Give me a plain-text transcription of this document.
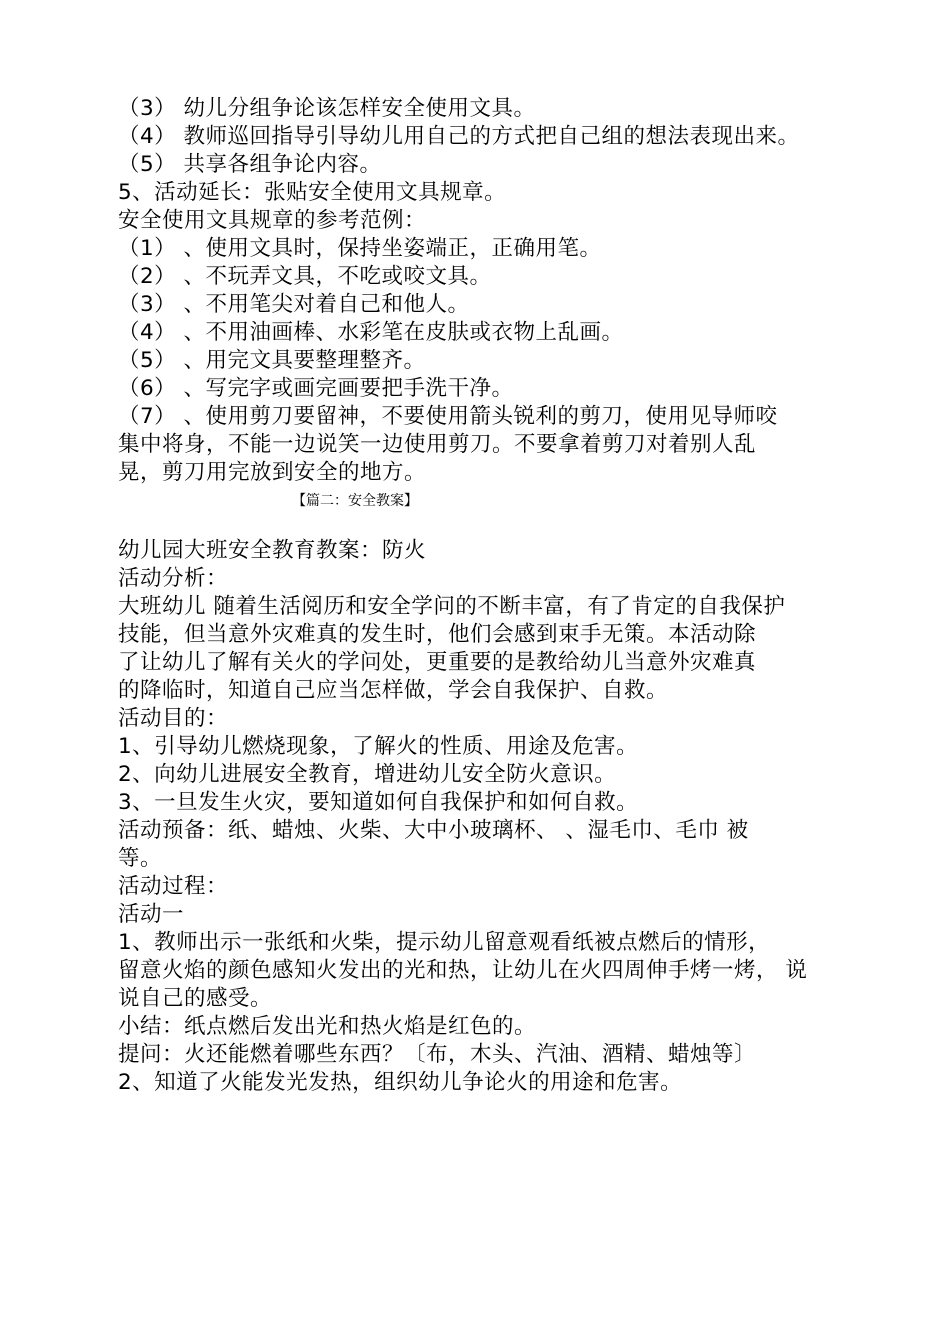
（3） 幼儿分组争论该怎样安全使用文具。
（4） 教师巡回指导引导幼儿用自己的方式把自己组的想法表现出来。
（5） 共享各组争论内容。
5、活动延长：张贴安全使用文具规章。
安全使用文具规章的参考范例：
（1） 、使用文具时，保持坐姿端正，正确用笔。
（2） 、不玩弄文具，不吃或咬文具。
（3） 、不用笔尖对着自己和他人。
（4） 、不用油画棒、水彩笔在皮肤或衣物上乱画。
（5） 、用完文具要整理整齐。
（6） 、写完字或画完画要把手洗干净。
（7） 、使用剪刀要留神，不要使用箭头锐利的剪刀，使用见导师咬
集中将身，不能一边说笑一边使用剪刀。不要拿着剪刀对着别人乱
晃，剪刀用完放到安全的地方。
【篇二：安全教案】
幼儿园大班安全教育教案：防火
活动分析：
大班幼儿 随着生活阅历和安全学问的不断丰富，有了肯定的自我保护
技能，但当意外灾难真的发生时，他们会感到束手无策。本活动除
了让幼儿了解有关火的学问处，更重要的是教给幼儿当意外灾难真
的降临时，知道自己应当怎样做，学会自我保护、自救。
活动目的：
1、引导幼儿燃烧现象，了解火的性质、用途及危害。
2、向幼儿进展安全教育，增进幼儿安全防火意识。
3、一旦发生火灾，要知道如何自我保护和如何自救。
活动预备：纸、蜡烛、火柴、大中小玻璃杯、 、湿毛巾、毛巾 被
等。
活动过程：
活动一
1、教师出示一张纸和火柴，提示幼儿留意观看纸被点燃后的情形，
留意火焰的颜色感知火发出的光和热，让幼儿在火四周伸手烤一烤， 说
说自己的感受。
小结：纸点燃后发出光和热火焰是红色的。
提问：火还能燃着哪些东西？〔布，木头、汽油、酒精、蜡烛等〕
2、知道了火能发光发热，组织幼儿争论火的用途和危害。
